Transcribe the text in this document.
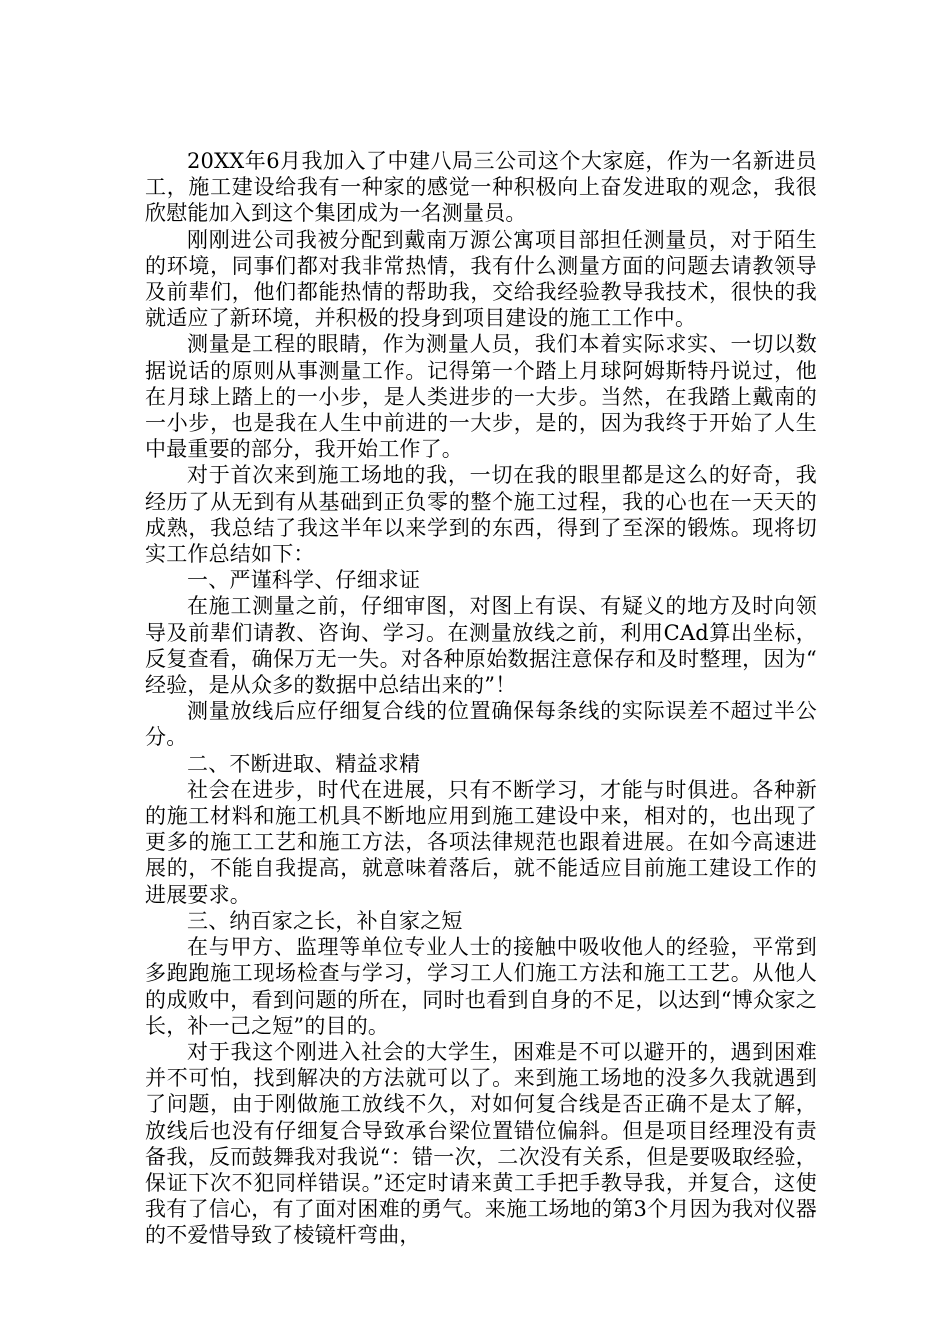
20XX年6月我加入了中建八局三公司这个大家庭，作为一名新进员工，施工建设给我有一种家的感觉一种积极向上奋发进取的观念，我很欣慰能加入到这个集团成为一名测量员。

刚刚进公司我被分配到戴南万源公寓项目部担任测量员，对于陌生的环境，同事们都对我非常热情，我有什么测量方面的问题去请教领导及前辈们，他们都能热情的帮助我，交给我经验教导我技术，很快的我就适应了新环境，并积极的投身到项目建设的施工工作中。

测量是工程的眼睛，作为测量人员，我们本着实际求实、一切以数据说话的原则从事测量工作。记得第一个踏上月球阿姆斯特丹说过，他在月球上踏上的一小步，是人类进步的一大步。当然，在我踏上戴南的一小步，也是我在人生中前进的一大步，是的，因为我终于开始了人生中最重要的部分，我开始工作了。

对于首次来到施工场地的我，一切在我的眼里都是这么的好奇，我经历了从无到有从基础到正负零的整个施工过程，我的心也在一天天的成熟，我总结了我这半年以来学到的东西，得到了至深的锻炼。现将切实工作总结如下：

一、严谨科学、仔细求证

在施工测量之前，仔细审图，对图上有误、有疑义的地方及时向领导及前辈们请教、咨询、学习。在测量放线之前，利用CAd算出坐标，反复查看，确保万无一失。对各种原始数据注意保存和及时整理，因为“经验，是从众多的数据中总结出来的”！

测量放线后应仔细复合线的位置确保每条线的实际误差不超过半公分。

二、不断进取、精益求精

社会在进步，时代在进展，只有不断学习，才能与时俱进。各种新的施工材料和施工机具不断地应用到施工建设中来，相对的，也出现了更多的施工工艺和施工方法，各项法律规范也跟着进展。在如今高速进展的，不能自我提高，就意味着落后，就不能适应目前施工建设工作的进展要求。

三、纳百家之长，补自家之短

在与甲方、监理等单位专业人士的接触中吸收他人的经验，平常到多跑跑施工现场检查与学习，学习工人们施工方法和施工工艺。从他人的成败中，看到问题的所在，同时也看到自身的不足，以达到“博众家之长，补一己之短”的目的。

对于我这个刚进入社会的大学生，困难是不可以避开的，遇到困难并不可怕，找到解决的方法就可以了。来到施工场地的没多久我就遇到了问题，由于刚做施工放线不久，对如何复合线是否正确不是太了解，放线后也没有仔细复合导致承台梁位置错位偏斜。但是项目经理没有责备我，反而鼓舞我对我说“：错一次，二次没有关系，但是要吸取经验，保证下次不犯同样错误。”还定时请来黄工手把手教导我，并复合，这使我有了信心，有了面对困难的勇气。来施工场地的第3个月因为我对仪器的不爱惜导致了棱镜杆弯曲，
